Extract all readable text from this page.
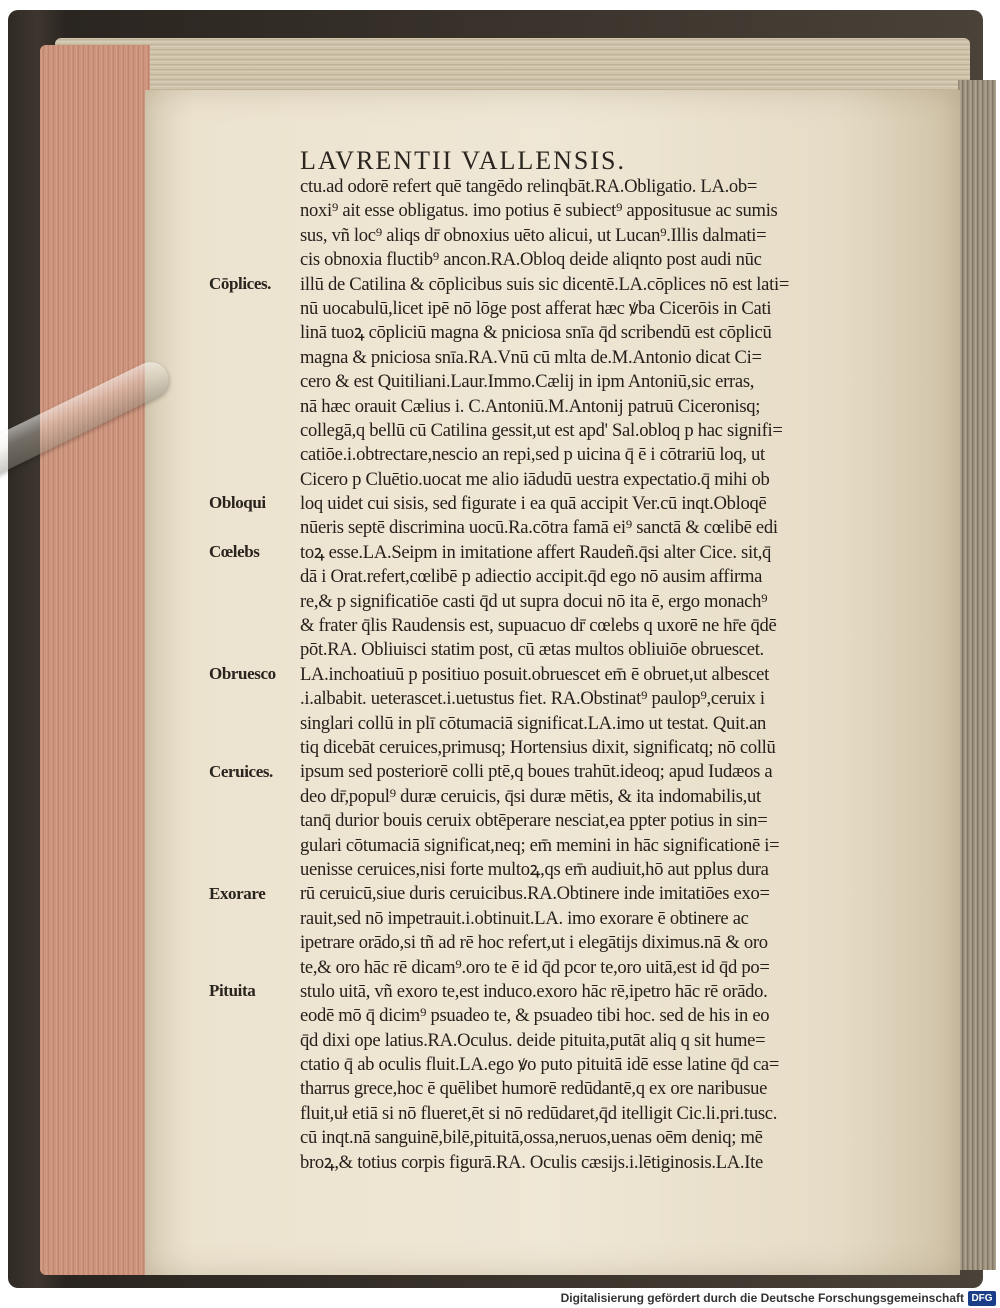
LAVRENTII VALLENSIS.
ctu.ad odorē refert quē tangēdo relinqbāt.RA.Obligatio. LA.ob=
noxi⁹ ait esse obligatus. imo potius ē subiect⁹ appositusue ac sumis
sus, vñ loc⁹ aliqs dr̄ obnoxius uēto alicui, ut Lucan⁹.Illis dalmati=
cis obnoxia fluctib⁹ ancon.RA.Obloq deide aliqnto post audi nūc
illū de Catilina & cōplicibus suis sic dicentē.LA.cōplices nō est lati=
nū uocabulū,licet ipē nō lōge post afferat hæc ꝟba Cicerōis in Cati
linā tuoꝝ cōpliciū magna & pniciosa snīa q̄d scribendū est cōplicū
magna & pniciosa snīa.RA.Vnū cū mlta de.M.Antonio dicat Ci=
cero & est Quitiliani.Laur.Immo.Cælij in ipm Antoniū,sic erras,
nā hæc orauit Cælius i. C.Antoniū.M.Antonij patruū Ciceronisq;
collegā,q bellū cū Catilina gessit,ut est apd' Sal.obloq p hac signifi=
catiōe.i.obtrectare,nescio an repi,sed p uicina q̄ ē i cōtrariū loq, ut
Cicero p Cluētio.uocat me alio iādudū uestra expectatio.q̄ mihi ob
loq uidet cui sisis, sed figurate i ea quā accipit Ver.cū inqt.Obloqē
nūeris septē discrimina uocū.Ra.cōtra famā ei⁹ sanctā & cœlibē edi
toꝝ esse.LA.Seipm in imitatione affert Raudeñ.q̄si alter Cice. sit,q̄
dā i Orat.refert,cœlibē p adiectio accipit.q̄d ego nō ausim affirma
re,& p significatiōe casti q̄d ut supra docui nō ita ē, ergo monach⁹
& frater q̄lis Raudensis est, supuacuo dr̄ cœlebs q uxorē ne hr̄e q̄dē
pōt.RA. Obliuisci statim post, cū ætas multos obliuiōe obruescet.
LA.inchoatiuū p positiuo posuit.obruescet em̄ ē obruet,ut albescet
.i.albabit. ueterascet.i.uetustus fiet. RA.Obstinat⁹ paulop⁹,ceruix i
singlari collū in plī cōtumaciā significat.LA.imo ut testat. Quit.an
tiq dicebāt ceruices,primusq; Hortensius dixit, significatq; nō collū
ipsum sed posteriorē colli ptē,q boues trahūt.ideoq; apud Iudæos a
deo dr̄,popul⁹ duræ ceruicis, q̄si duræ mētis, & ita indomabilis,ut
tanq̄ durior bouis ceruix obtēperare nesciat,ea ppter potius in sin=
gulari cōtumaciā significat,neq; em̄ memini in hāc significationē i=
uenisse ceruices,nisi forte multoꝝ,qs em̄ audiuit,hō aut pplus dura
rū ceruicū,siue duris ceruicibus.RA.Obtinere inde imitatiōes exo=
rauit,sed nō impetrauit.i.obtinuit.LA. imo exorare ē obtinere ac
ipetrare orādo,si tñ ad rē hoc refert,ut i elegātijs diximus.nā & oro
te,& oro hāc rē dicam⁹.oro te ē id q̄d pcor te,oro uitā,est id q̄d po=
stulo uitā, vñ exoro te,est induco.exoro hāc rē,ipetro hāc rē orādo.
eodē mō q̄ dicim⁹ psuadeo te, & psuadeo tibi hoc. sed de his in eo
q̄d dixi ope latius.RA.Oculus. deide pituita,putāt aliq q sit hume=
ctatio q̄ ab oculis fluit.LA.ego ꝟo puto pituitā idē esse latine q̄d ca=
tharrus grece,hoc ē quēlibet humorē redūdantē,q ex ore naribusue
fluit,uł etiā si nō flueret,ēt si nō redūdaret,q̄d itelligit Cic.li.pri.tusc.
cū inqt.nā sanguinē,bilē,pituitā,ossa,neruos,uenas oēm deniq; mē
broꝝ,& totius corpis figurā.RA. Oculis cæsijs.i.lētiginosis.LA.Ite
Cōplices.
Obloqui
Cœlebs
Obruesco
Ceruices.
Exorare
Pituita
Digitalisierung gefördert durch die Deutsche Forschungsgemeinschaft DFG
